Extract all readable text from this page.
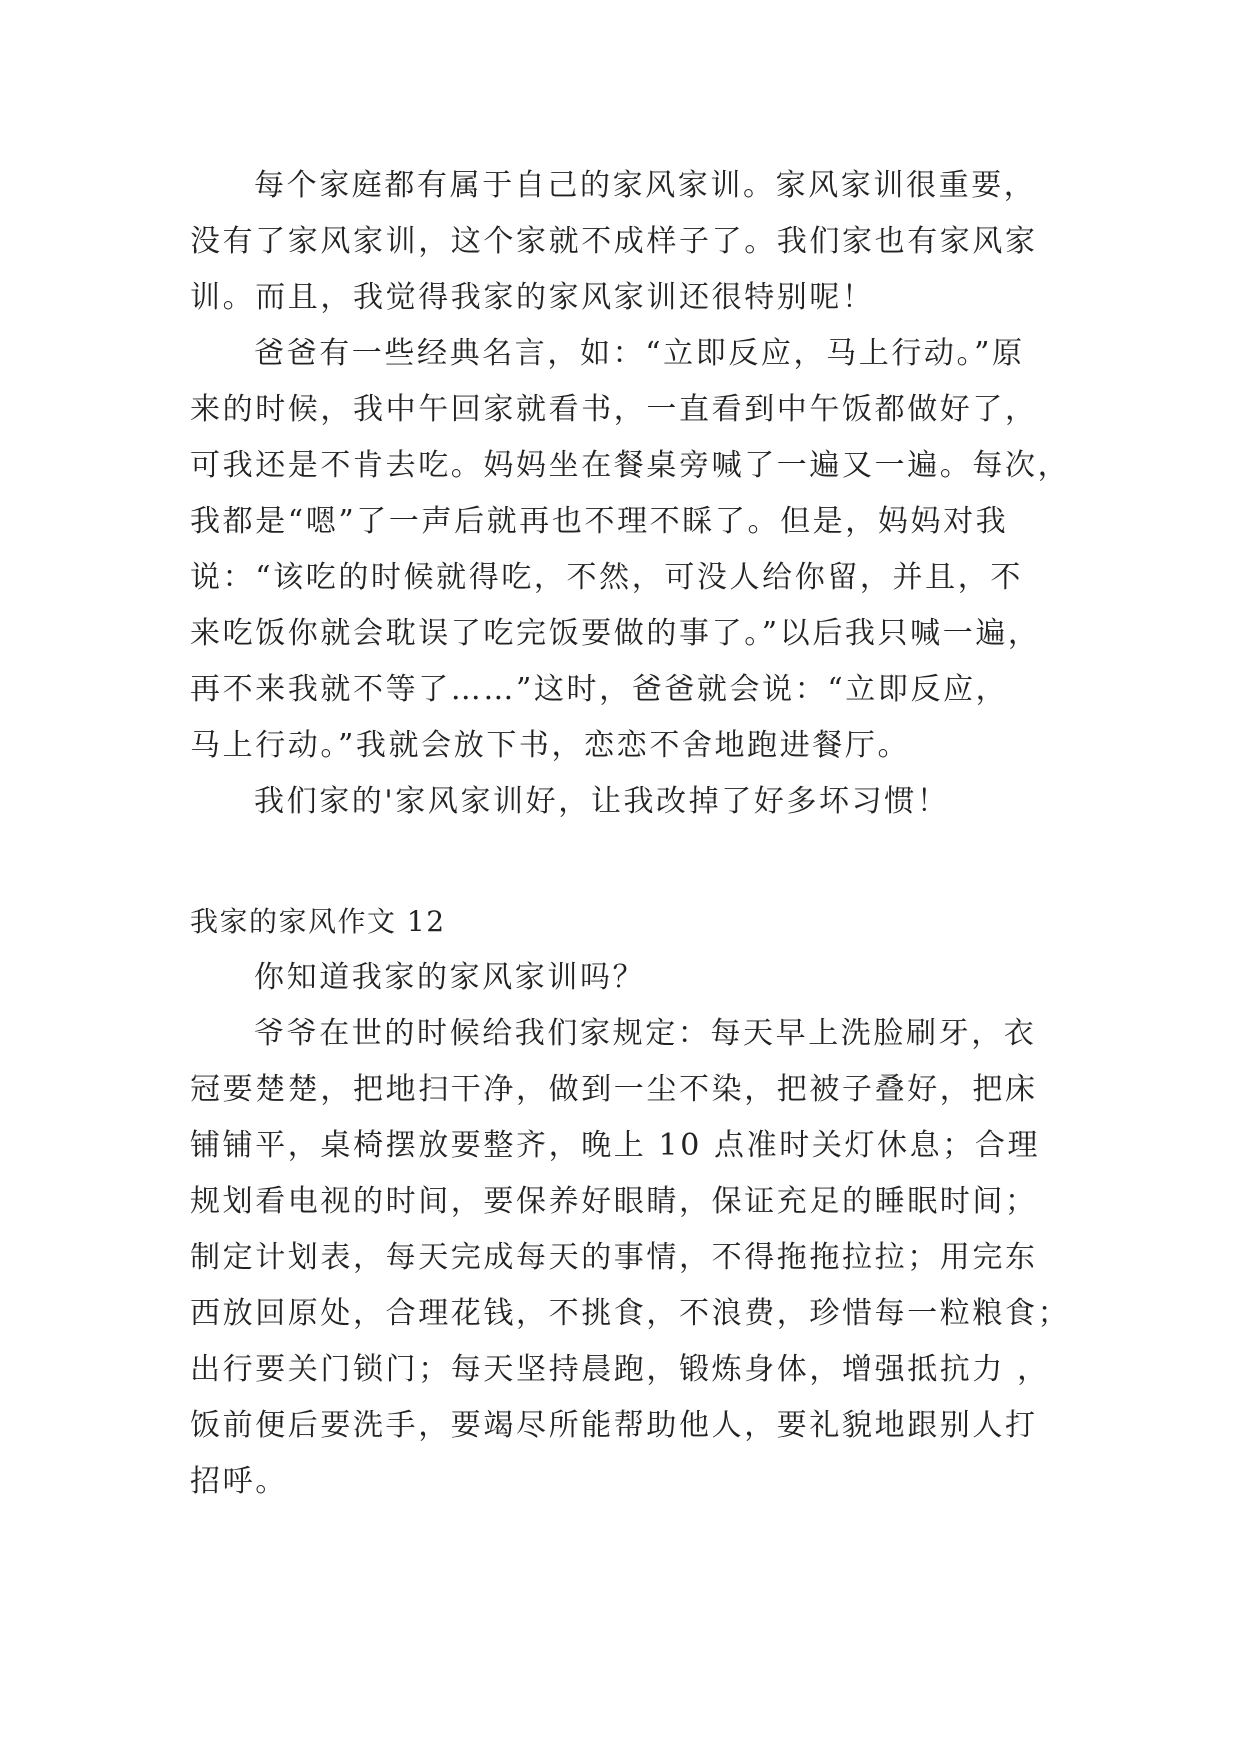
每个家庭都有属于自己的家风家训。家风家训很重要，
没有了家风家训，这个家就不成样子了。我们家也有家风家
训。而且，我觉得我家的家风家训还很特别呢！
爸爸有一些经典名言，如：“立即反应，马上行动。”原
来的时候，我中午回家就看书，一直看到中午饭都做好了，
可我还是不肯去吃。妈妈坐在餐桌旁喊了一遍又一遍。每次，
我都是“嗯”了一声后就再也不理不睬了。但是，妈妈对我
说：“该吃的时候就得吃，不然，可没人给你留，并且，不
来吃饭你就会耽误了吃完饭要做的事了。”以后我只喊一遍，
再不来我就不等了……”这时，爸爸就会说：“立即反应，
马上行动。”我就会放下书，恋恋不舍地跑进餐厅。
我们家的'家风家训好，让我改掉了好多坏习惯！
我家的家风作文 12
你知道我家的家风家训吗？
爷爷在世的时候给我们家规定：每天早上洗脸刷牙，衣
冠要楚楚，把地扫干净，做到一尘不染，把被子叠好，把床
铺铺平，桌椅摆放要整齐，晚上 10 点准时关灯休息；合理
规划看电视的时间，要保养好眼睛，保证充足的睡眠时间；
制定计划表，每天完成每天的事情，不得拖拖拉拉；用完东
西放回原处，合理花钱，不挑食，不浪费，珍惜每一粒粮食；
出行要关门锁门；每天坚持晨跑，锻炼身体，增强抵抗力 ，
饭前便后要洗手，要竭尽所能帮助他人，要礼貌地跟别人打
招呼。
